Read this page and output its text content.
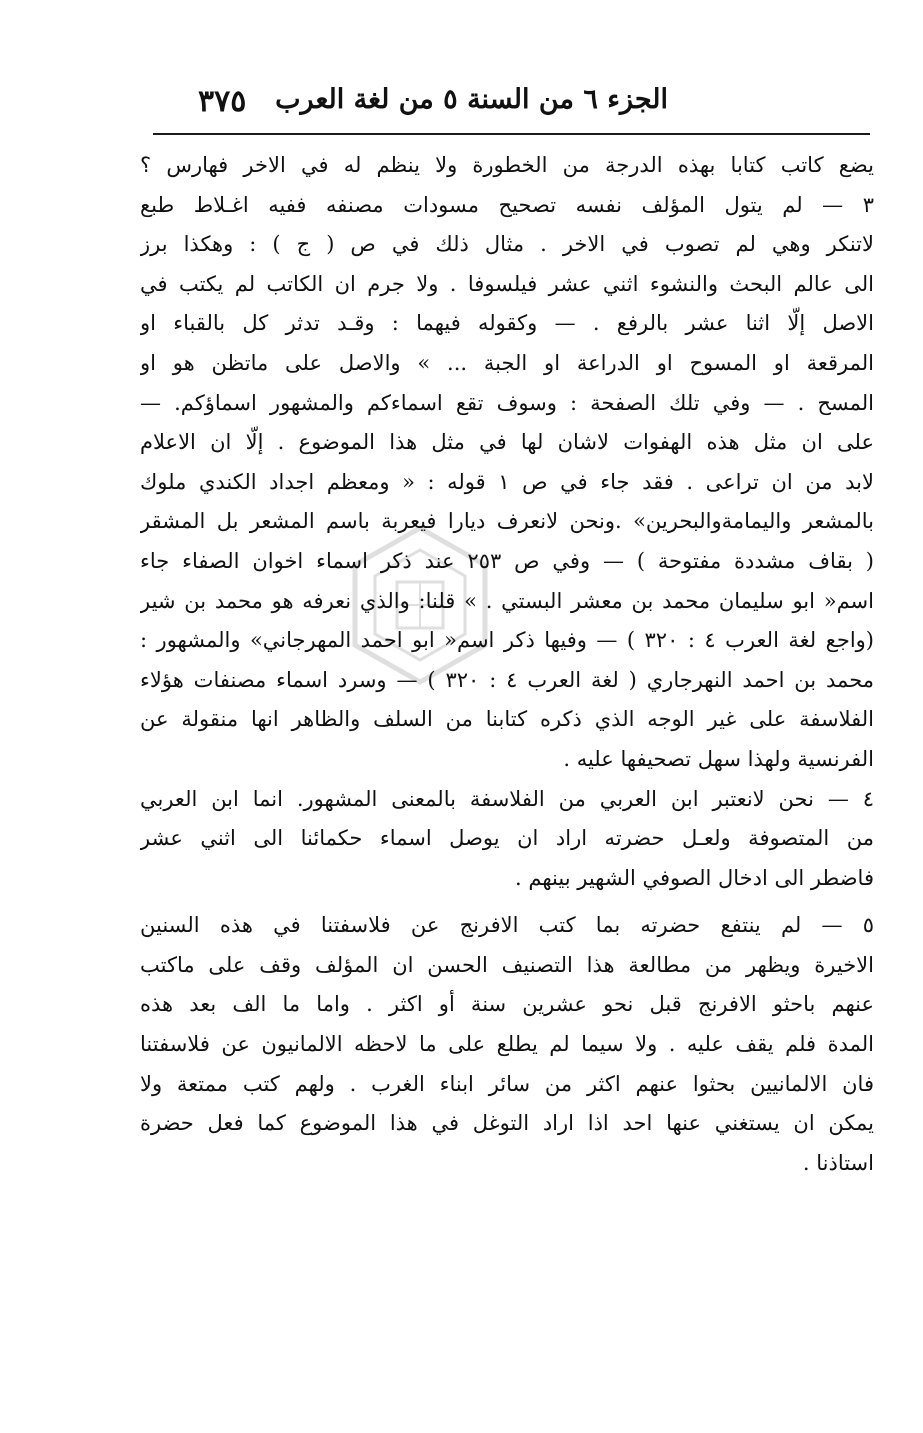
الجزء ٦ من السنة ٥ من لغة العرب
٣٧٥
يضع كاتب كتابا بهذه الدرجة من الخطورة ولا ينظم له في الاخر فهارس ؟
٣ — لم يتول المؤلف نفسه تصحيح مسودات مصنفه ففيه اغـلاط طبع
لاتنكر وهي لم تصوب في الاخر . مثال ذلك في ص ( ج ) : وهكذا برز
الى عالم البحث والنشوء اثني عشر فيلسوفا . ولا جرم ان الكاتب لم يكتب في
الاصل إلّا اثنا عشر بالرفع . — وكقوله فيهما : وقـد تدثر كل بالقباء او
المرقعة او المسوح او الدراعة او الجبة ... » والاصل على ماتظن هو او
المسح . — وفي تلك الصفحة : وسوف تقع اسماءكم والمشهور اسماؤكم. —
على ان مثل هذه الهفوات لاشان لها في مثل هذا الموضوع . إلّا ان الاعلام
لابد من ان تراعى . فقد جاء في ص ١ قوله : « ومعظم اجداد الكندي ملوك
بالمشعر واليمامةوالبحرين» .ونحن لانعرف ديارا فيعربة باسم المشعر بل المشقر
( بقاف مشددة مفتوحة ) — وفي ص ٢٥٣ عند ذكر اسماء اخوان الصفاء جاء
اسم« ابو سليمان محمد بن معشر البستي . » قلنا: والذي نعرفه هو محمد بن شير
(واجع لغة العرب ٤ : ٣٢٠ ) — وفيها ذكر اسم« ابو احمد المهرجاني» والمشهور :
محمد بن احمد النهرجاري ( لغة العرب ٤ : ٣٢٠ ) — وسرد اسماء مصنفات هؤلاء
الفلاسفة على غير الوجه الذي ذكره كتابنا من السلف والظاهر انها منقولة عن
الفرنسية ولهذا سهل تصحيفها عليه .
٤ — نحن لانعتبر ابن العربي من الفلاسفة بالمعنى المشهور. انما ابن العربي
من المتصوفة ولعـل حضرته اراد ان يوصل اسماء حكمائنا الى اثني عشر
فاضطر الى ادخال الصوفي الشهير بينهم .
٥ — لم ينتفع حضرته بما كتب الافرنج عن فلاسفتنا في هذه السنين
الاخيرة ويظهر من مطالعة هذا التصنيف الحسن ان المؤلف وقف على ماكتب
عنهم باحثو الافرنج قبل نحو عشرين سنة أو اكثر . واما ما الف بعد هذه
المدة فلم يقف عليه . ولا سيما لم يطلع على ما لاحظه الالمانيون عن فلاسفتنا
فان الالمانيين بحثوا عنهم اكثر من سائر ابناء الغرب . ولهم كتب ممتعة ولا
يمكن ان يستغني عنها احد اذا اراد التوغل في هذا الموضوع كما فعل حضرة
استاذنا .
